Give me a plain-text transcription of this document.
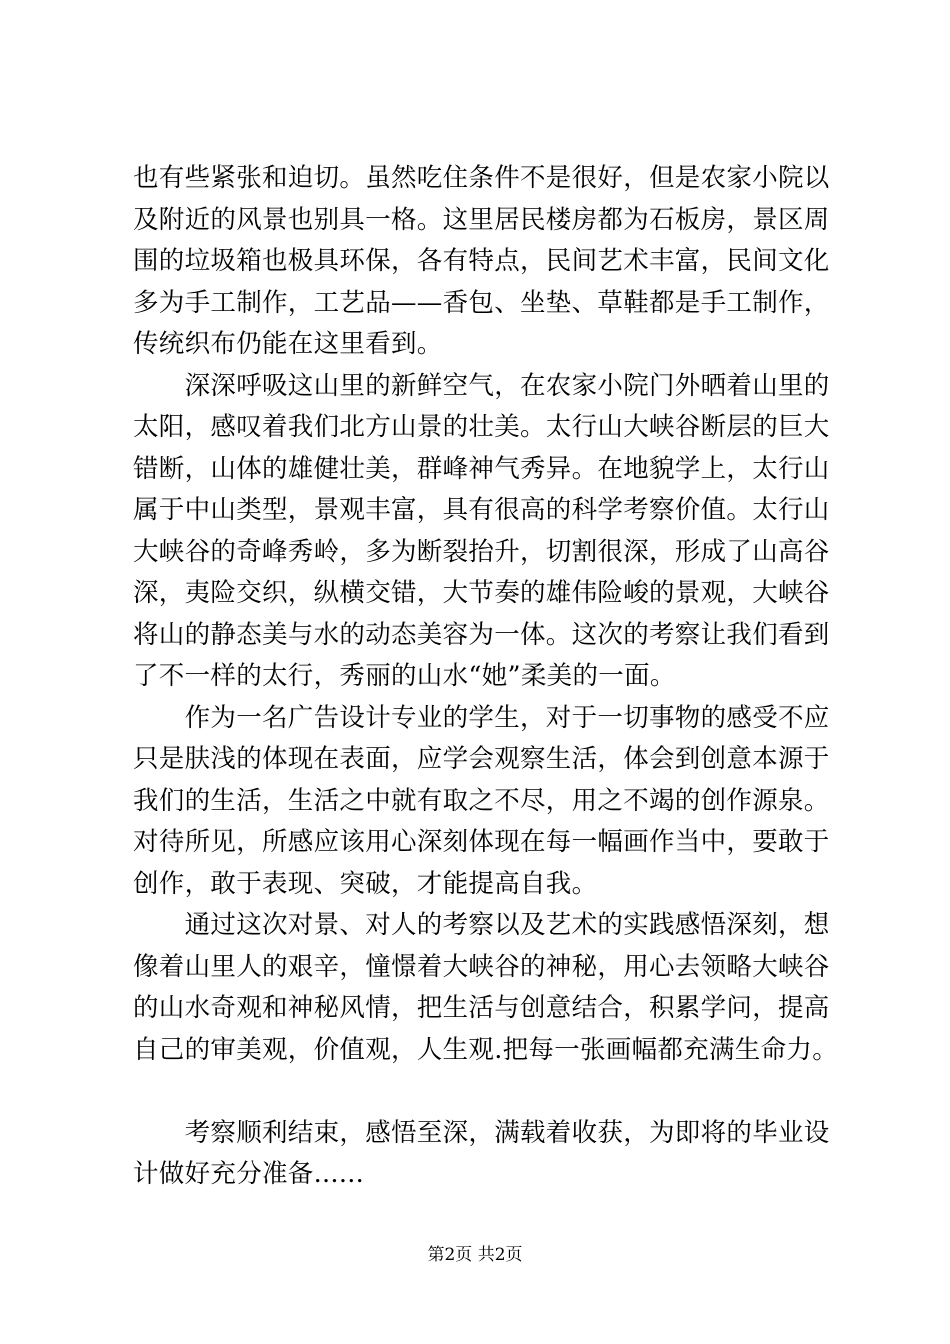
也有些紧张和迫切。虽然吃住条件不是很好，但是农家小院以
及附近的风景也别具一格。这里居民楼房都为石板房，景区周
围的垃圾箱也极具环保，各有特点，民间艺术丰富，民间文化
多为手工制作，工艺品——香包、坐垫、草鞋都是手工制作，
传统织布仍能在这里看到。
　　深深呼吸这山里的新鲜空气，在农家小院门外晒着山里的
太阳，感叹着我们北方山景的壮美。太行山大峡谷断层的巨大
错断，山体的雄健壮美，群峰神气秀异。在地貌学上，太行山
属于中山类型，景观丰富，具有很高的科学考察价值。太行山
大峡谷的奇峰秀岭，多为断裂抬升，切割很深，形成了山高谷
深，夷险交织，纵横交错，大节奏的雄伟险峻的景观，大峡谷
将山的静态美与水的动态美容为一体。这次的考察让我们看到
了不一样的太行，秀丽的山水“她”柔美的一面。
　　作为一名广告设计专业的学生，对于一切事物的感受不应
只是肤浅的体现在表面，应学会观察生活，体会到创意本源于
我们的生活，生活之中就有取之不尽，用之不竭的创作源泉。
对待所见，所感应该用心深刻体现在每一幅画作当中，要敢于
创作，敢于表现、突破，才能提高自我。
　　通过这次对景、对人的考察以及艺术的实践感悟深刻，想
像着山里人的艰辛，憧憬着大峡谷的神秘，用心去领略大峡谷
的山水奇观和神秘风情，把生活与创意结合，积累学问，提高
自己的审美观，价值观，人生观.把每一张画幅都充满生命力。
　　考察顺利结束，感悟至深，满载着收获，为即将的毕业设
计做好充分准备......
第2页 共2页
